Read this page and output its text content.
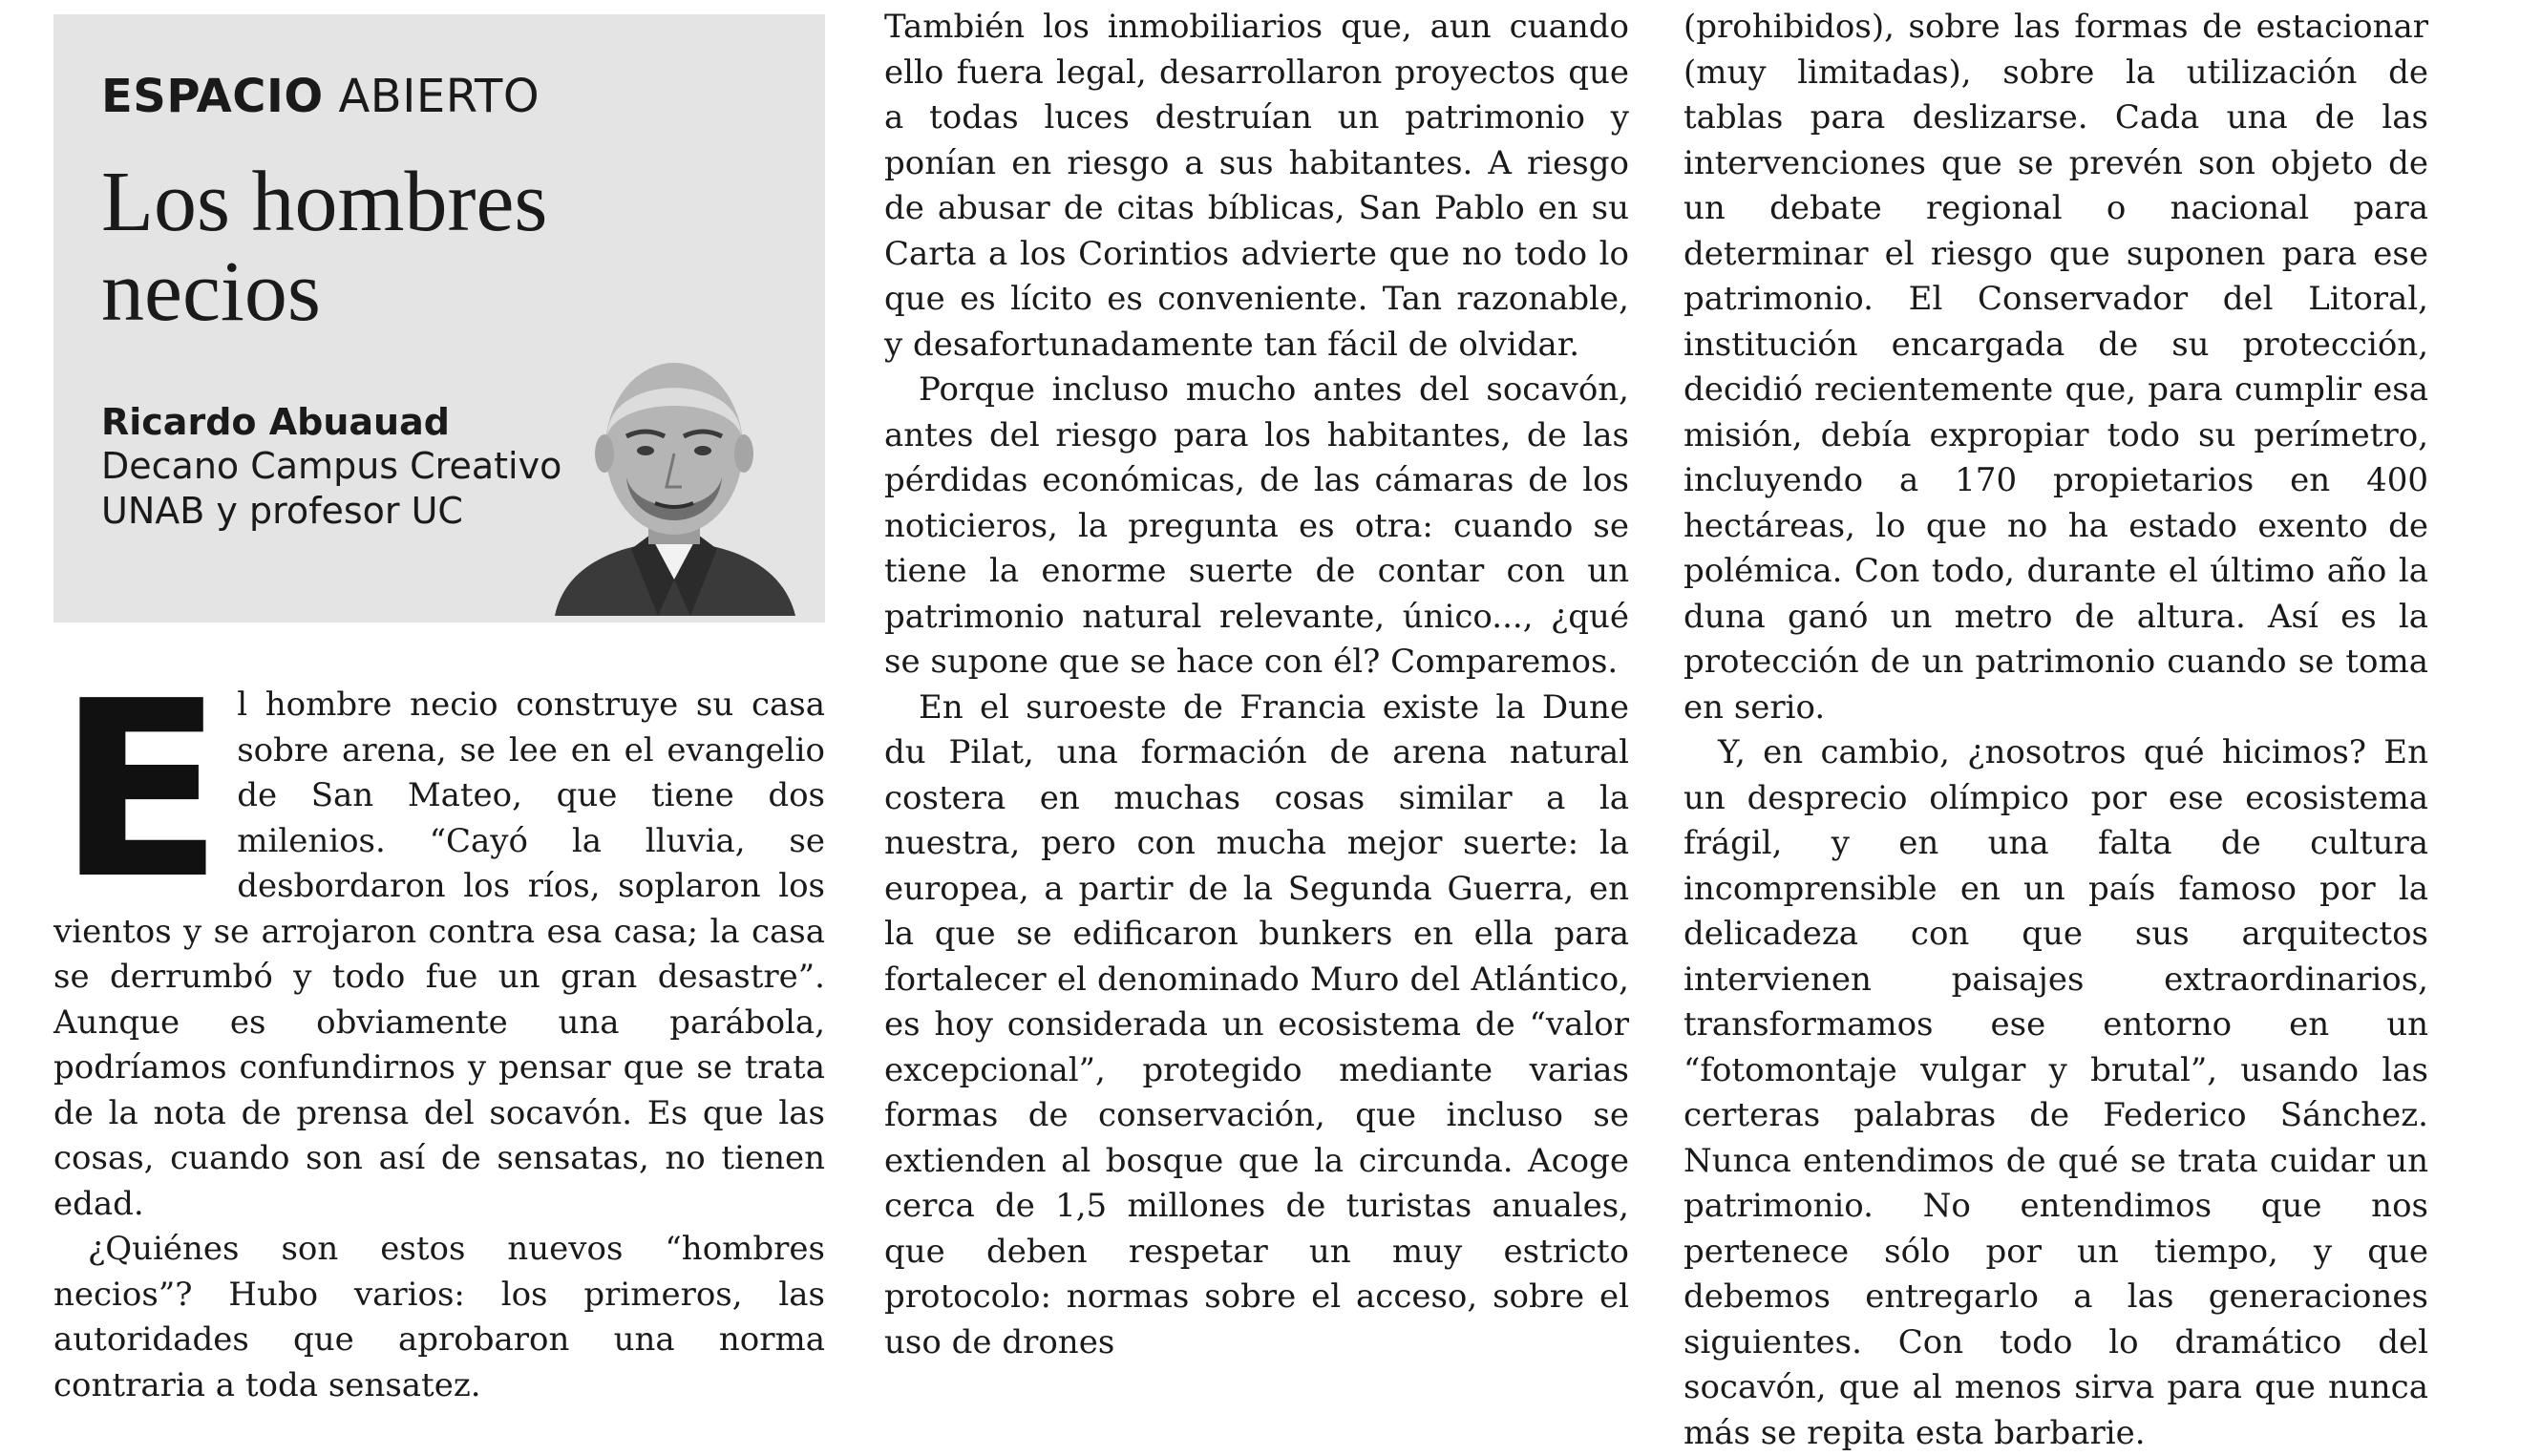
ESPACIO ABIERTO
Los hombres necios
Ricardo Abuauad
Decano Campus Creativo UNAB y profesor UC

El hombre necio construye su casa sobre arena, se lee en el evangelio de San Mateo, que tiene dos milenios. “Cayó la lluvia, se desbordaron los ríos, soplaron los vientos y se arrojaron contra esa casa; la casa se derrumbó y todo fue un gran desastre”. Aunque es obviamente una parábola, podríamos confundirnos y pensar que se trata de la nota de prensa del socavón. Es que las cosas, cuando son así de sensatas, no tienen edad.

¿Quiénes son estos nuevos “hombres necios”? Hubo varios: los primeros, las autoridades que aprobaron una norma contraria a toda sensatez.

También los inmobiliarios que, aun cuando ello fuera legal, desarrollaron proyectos que a todas luces destruían un patrimonio y ponían en riesgo a sus habitantes. A riesgo de abusar de citas bíblicas, San Pablo en su Carta a los Corintios advierte que no todo lo que es lícito es conveniente. Tan razonable, y desafortunadamente tan fácil de olvidar.

Porque incluso mucho antes del socavón, antes del riesgo para los habitantes, de las pérdidas económicas, de las cámaras de los noticieros, la pregunta es otra: cuando se tiene la enorme suerte de contar con un patrimonio natural relevante, único..., ¿qué se supone que se hace con él? Comparemos.

En el suroeste de Francia existe la Dune du Pilat, una formación de arena natural costera en muchas cosas similar a la nuestra, pero con mucha mejor suerte: la europea, a partir de la Segunda Guerra, en la que se edificaron bunkers en ella para fortalecer el denominado Muro del Atlántico, es hoy considerada un ecosistema de “valor excepcional”, protegido mediante varias formas de conservación, que incluso se extienden al bosque que la circunda. Acoge cerca de 1,5 millones de turistas anuales, que deben respetar un muy estricto protocolo: normas sobre el acceso, sobre el uso de drones

(prohibidos), sobre las formas de estacionar (muy limitadas), sobre la utilización de tablas para deslizarse. Cada una de las intervenciones que se prevén son objeto de un debate regional o nacional para determinar el riesgo que suponen para ese patrimonio. El Conservador del Litoral, institución encargada de su protección, decidió recientemente que, para cumplir esa misión, debía expropiar todo su perímetro, incluyendo a 170 propietarios en 400 hectáreas, lo que no ha estado exento de polémica. Con todo, durante el último año la duna ganó un metro de altura. Así es la protección de un patrimonio cuando se toma en serio.

Y, en cambio, ¿nosotros qué hicimos? En un desprecio olímpico por ese ecosistema frágil, y en una falta de cultura incomprensible en un país famoso por la delicadeza con que sus arquitectos intervienen paisajes extraordinarios, transformamos ese entorno en un “fotomontaje vulgar y brutal”, usando las certeras palabras de Federico Sánchez. Nunca entendimos de qué se trata cuidar un patrimonio. No entendimos que nos pertenece sólo por un tiempo, y que debemos entregarlo a las generaciones siguientes. Con todo lo dramático del socavón, que al menos sirva para que nunca más se repita esta barbarie.
